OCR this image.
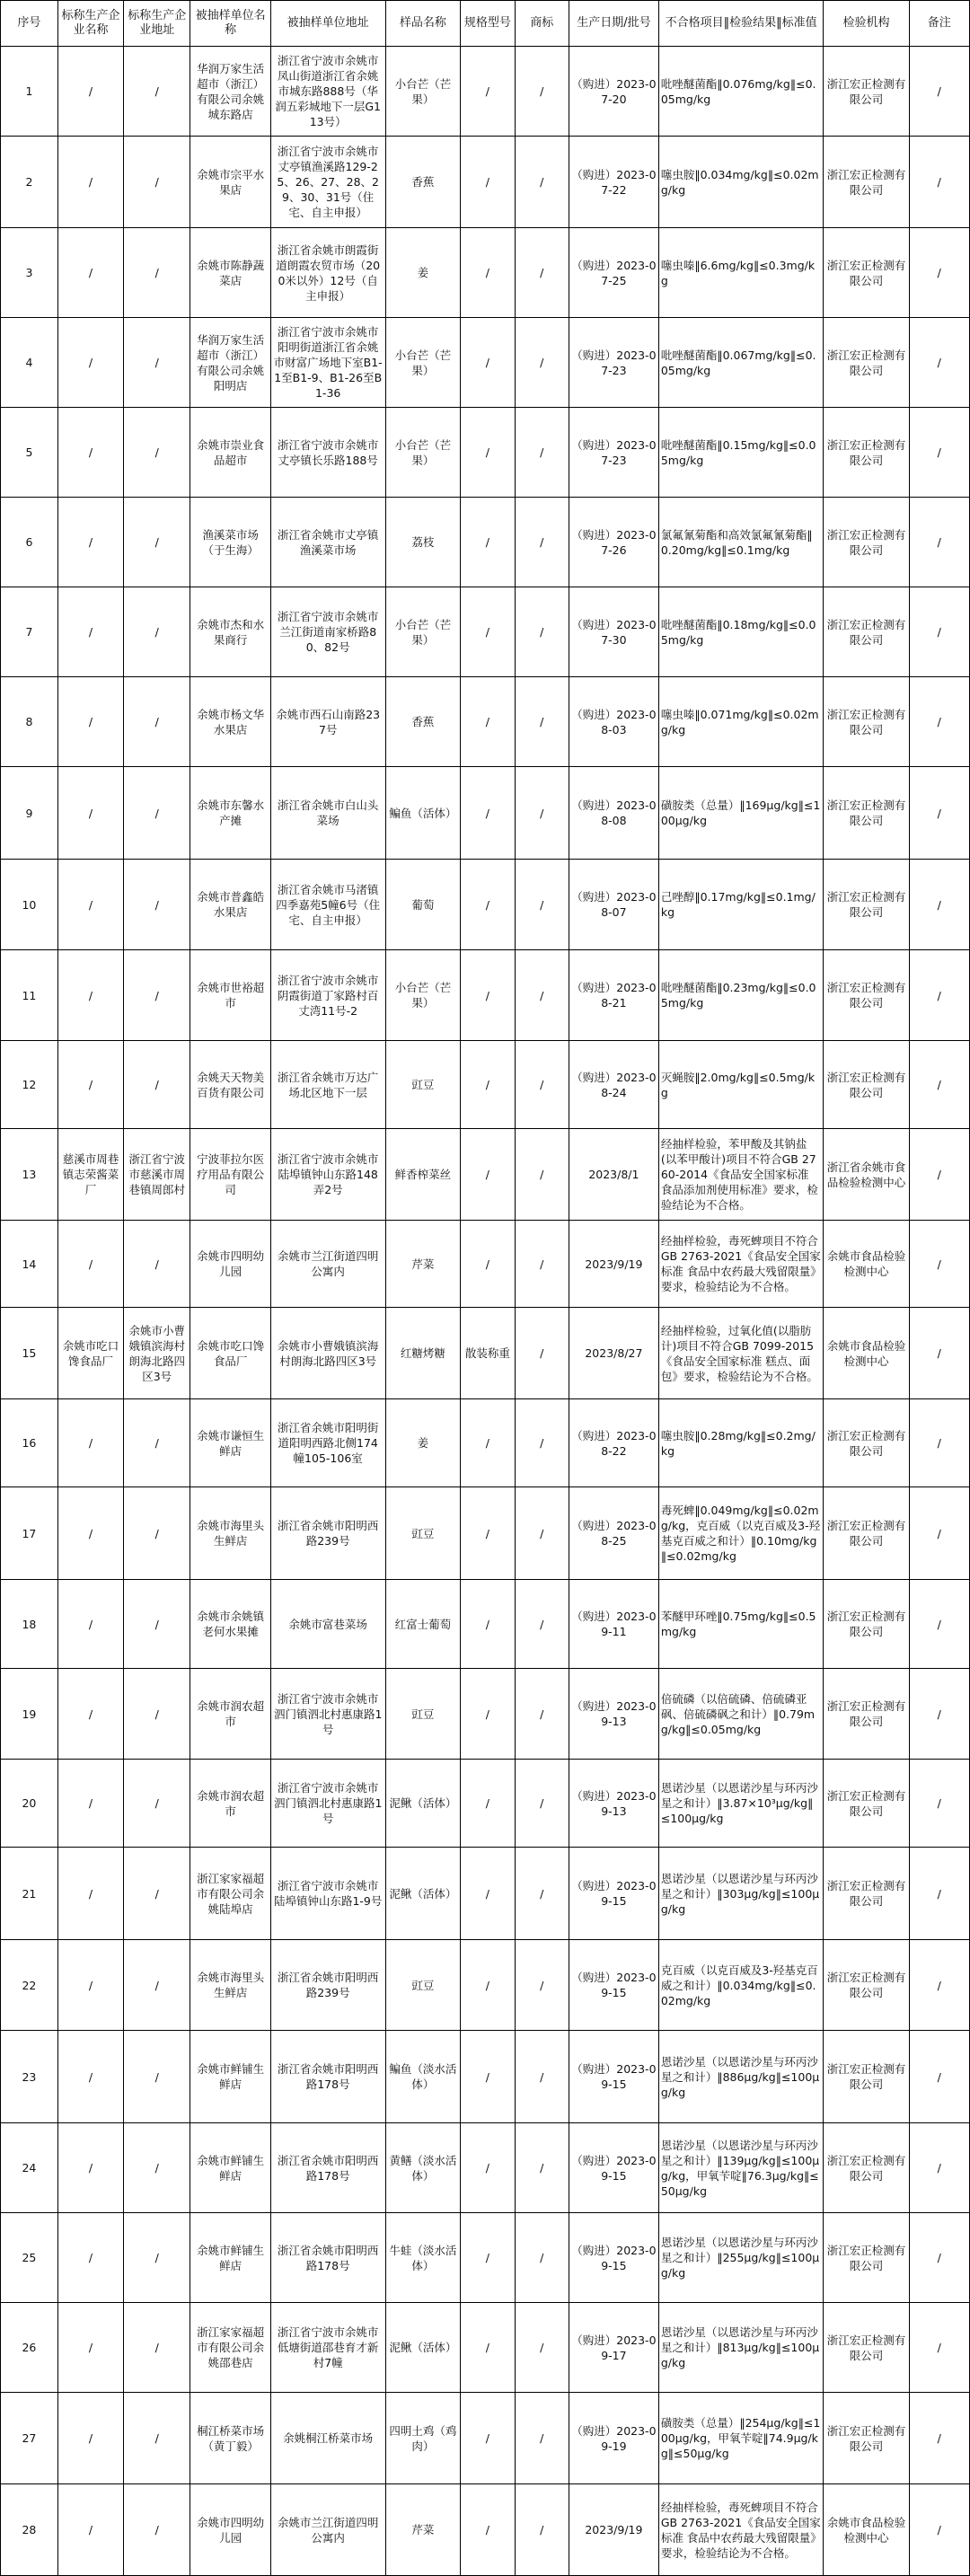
序号	标称生产企业名称	标称生产企业地址	被抽样单位名称	被抽样单位地址	样品名称	规格型号	商标	生产日期/批号	不合格项目‖检验结果‖标准值	检验机构	备注
1	/	/	华润万家生活超市（浙江）有限公司余姚城东路店	浙江省宁波市余姚市凤山街道浙江省余姚市城东路888号（华润五彩城地下一层G113号）	小台芒（芒果）	/	/	（购进）2023-07-20	吡唑醚菌酯‖0.076mg/kg‖≤0.05mg/kg	浙江宏正检测有限公司	/
2	/	/	余姚市宗平水果店	浙江省宁波市余姚市丈亭镇渔溪路129-25、26、27、28、29、30、31号（住宅、自主申报）	香蕉	/	/	（购进）2023-07-22	噻虫胺‖0.034mg/kg‖≤0.02mg/kg	浙江宏正检测有限公司	/
3	/	/	余姚市陈静蔬菜店	浙江省余姚市朗霞街道朗霞农贸市场（200米以外）12号（自主申报）	姜	/	/	（购进）2023-07-25	噻虫嗪‖6.6mg/kg‖≤0.3mg/kg	浙江宏正检测有限公司	/
4	/	/	华润万家生活超市（浙江）有限公司余姚阳明店	浙江省宁波市余姚市阳明街道浙江省余姚市财富广场地下室B1-1至B1-9、B1-26至B1-36	小台芒（芒果）	/	/	（购进）2023-07-23	吡唑醚菌酯‖0.067mg/kg‖≤0.05mg/kg	浙江宏正检测有限公司	/
5	/	/	余姚市崇业食品超市	浙江省宁波市余姚市丈亭镇长乐路188号	小台芒（芒果）	/	/	（购进）2023-07-23	吡唑醚菌酯‖0.15mg/kg‖≤0.05mg/kg	浙江宏正检测有限公司	/
6	/	/	渔溪菜市场（于生海）	浙江省余姚市丈亭镇渔溪菜市场	荔枝	/	/	（购进）2023-07-26	氯氟氰菊酯和高效氯氟氰菊酯‖0.20mg/kg‖≤0.1mg/kg	浙江宏正检测有限公司	/
7	/	/	余姚市杰和水果商行	浙江省宁波市余姚市兰江街道南家桥路80、82号	小台芒（芒果）	/	/	（购进）2023-07-30	吡唑醚菌酯‖0.18mg/kg‖≤0.05mg/kg	浙江宏正检测有限公司	/
8	/	/	余姚市杨文华水果店	余姚市西石山南路237号	香蕉	/	/	（购进）2023-08-03	噻虫嗪‖0.071mg/kg‖≤0.02mg/kg	浙江宏正检测有限公司	/
9	/	/	余姚市东馨水产摊	浙江省余姚市白山头菜场	鳊鱼（活体）	/	/	（购进）2023-08-08	磺胺类（总量）‖169μg/kg‖≤100μg/kg	浙江宏正检测有限公司	/
10	/	/	余姚市普鑫皓水果店	浙江省余姚市马渚镇四季嘉苑5幢6号（住宅、自主申报）	葡萄	/	/	（购进）2023-08-07	己唑醇‖0.17mg/kg‖≤0.1mg/kg	浙江宏正检测有限公司	/
11	/	/	余姚市世裕超市	浙江省宁波市余姚市阴霞街道丁家路村百丈湾11号-2	小台芒（芒果）	/	/	（购进）2023-08-21	吡唑醚菌酯‖0.23mg/kg‖≤0.05mg/kg	浙江宏正检测有限公司	/
12	/	/	余姚天天物美百货有限公司	浙江省余姚市万达广场北区地下一层	豇豆	/	/	（购进）2023-08-24	灭蝇胺‖2.0mg/kg‖≤0.5mg/kg	浙江宏正检测有限公司	/
13	慈溪市周巷镇志荣酱菜厂	浙江省宁波市慈溪市周巷镇周郎村	宁波菲拉尔医疗用品有限公司	浙江省宁波市余姚市陆埠镇钟山东路148弄2号	鲜香榨菜丝	/	/	2023/8/1	经抽样检验，苯甲酸及其钠盐(以苯甲酸计)项目不符合GB 2760-2014《食品安全国家标准 食品添加剂使用标准》要求，检验结论为不合格。	浙江省余姚市食品检验检测中心	/
14	/	/	余姚市四明幼儿园	余姚市兰江街道四明公寓内	芹菜	/	/	2023/9/19	经抽样检验，毒死蜱项目不符合GB 2763-2021《食品安全国家标准 食品中农药最大残留限量》要求，检验结论为不合格。	余姚市食品检验检测中心	/
15	余姚市吃口馋食品厂	余姚市小曹娥镇滨海村朗海北路四区3号	余姚市吃口馋食品厂	余姚市小曹娥镇滨海村朗海北路四区3号	红糖烤糖	散装称重	/	2023/8/27	经抽样检验，过氧化值(以脂肪计)项目不符合GB 7099-2015《食品安全国家标准 糕点、面包》要求，检验结论为不合格。	余姚市食品检验检测中心	/
16	/	/	余姚市谦恒生鲜店	浙江省余姚市阳明街道阳明西路北侧174幢105-106室	姜	/	/	（购进）2023-08-22	噻虫胺‖0.28mg/kg‖≤0.2mg/kg	浙江宏正检测有限公司	/
17	/	/	余姚市海里头生鲜店	浙江省余姚市阳明西路239号	豇豆	/	/	（购进）2023-08-25	毒死蜱‖0.049mg/kg‖≤0.02mg/kg，克百威（以克百威及3-羟基克百威之和计）‖0.10mg/kg‖≤0.02mg/kg	浙江宏正检测有限公司	/
18	/	/	余姚市余姚镇老何水果摊	余姚市富巷菜场	红富士葡萄	/	/	（购进）2023-09-11	苯醚甲环唑‖0.75mg/kg‖≤0.5mg/kg	浙江宏正检测有限公司	/
19	/	/	余姚市润农超市	浙江省宁波市余姚市泗门镇泗北村惠康路1号	豇豆	/	/	（购进）2023-09-13	倍硫磷（以倍硫磷、倍硫磷亚砜、倍硫磷砜之和计）‖0.79mg/kg‖≤0.05mg/kg	浙江宏正检测有限公司	/
20	/	/	余姚市润农超市	浙江省宁波市余姚市泗门镇泗北村惠康路1号	泥鳅（活体）	/	/	（购进）2023-09-13	恩诺沙星（以恩诺沙星与环丙沙星之和计）‖3.87×10³μg/kg‖≤100μg/kg	浙江宏正检测有限公司	/
21	/	/	浙江家家福超市有限公司余姚陆埠店	浙江省宁波市余姚市陆埠镇钟山东路1-9号	泥鳅（活体）	/	/	（购进）2023-09-15	恩诺沙星（以恩诺沙星与环丙沙星之和计）‖303μg/kg‖≤100μg/kg	浙江宏正检测有限公司	/
22	/	/	余姚市海里头生鲜店	浙江省余姚市阳明西路239号	豇豆	/	/	（购进）2023-09-15	克百威（以克百威及3-羟基克百威之和计）‖0.034mg/kg‖≤0.02mg/kg	浙江宏正检测有限公司	/
23	/	/	余姚市鲜铺生鲜店	浙江省余姚市阳明西路178号	鳊鱼（淡水活体）	/	/	（购进）2023-09-15	恩诺沙星（以恩诺沙星与环丙沙星之和计）‖886μg/kg‖≤100μg/kg	浙江宏正检测有限公司	/
24	/	/	余姚市鲜铺生鲜店	浙江省余姚市阳明西路178号	黄鳝（淡水活体）	/	/	（购进）2023-09-15	恩诺沙星（以恩诺沙星与环丙沙星之和计）‖139μg/kg‖≤100μg/kg，甲氧苄啶‖76.3μg/kg‖≤50μg/kg	浙江宏正检测有限公司	/
25	/	/	余姚市鲜铺生鲜店	浙江省余姚市阳明西路178号	牛蛙（淡水活体）	/	/	（购进）2023-09-15	恩诺沙星（以恩诺沙星与环丙沙星之和计）‖255μg/kg‖≤100μg/kg	浙江宏正检测有限公司	/
26	/	/	浙江家家福超市有限公司余姚邵巷店	浙江省宁波市余姚市低塘街道邵巷育才新村7幢	泥鳅（活体）	/	/	（购进）2023-09-17	恩诺沙星（以恩诺沙星与环丙沙星之和计）‖813μg/kg‖≤100μg/kg	浙江宏正检测有限公司	/
27	/	/	桐江桥菜市场（黄丁毅）	余姚桐江桥菜市场	四明土鸡（鸡肉）	/	/	（购进）2023-09-19	磺胺类（总量）‖254μg/kg‖≤100μg/kg，甲氧苄啶‖74.9μg/kg‖≤50μg/kg	浙江宏正检测有限公司	/
28	/	/	余姚市四明幼儿园	余姚市兰江街道四明公寓内	芹菜	/	/	2023/9/19	经抽样检验，毒死蜱项目不符合GB 2763-2021《食品安全国家标准 食品中农药最大残留限量》要求，检验结论为不合格。	余姚市食品检验检测中心	/
